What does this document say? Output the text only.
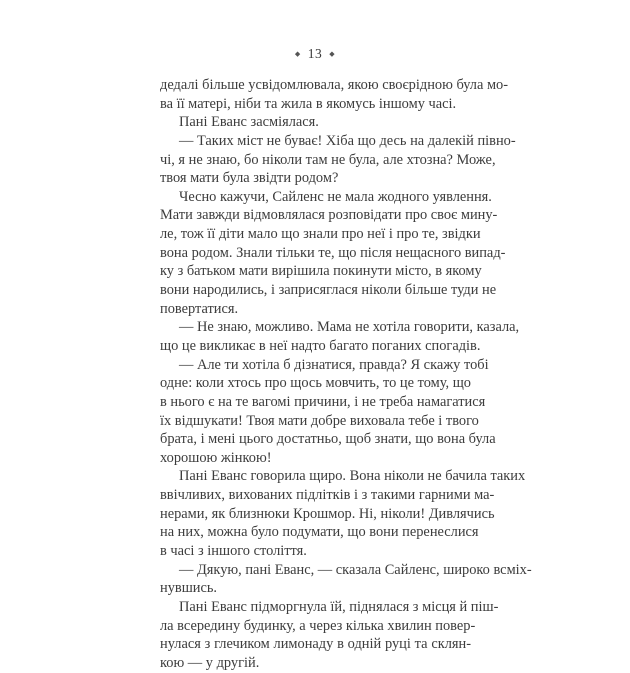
◆ 13 ◆
дедалі більше усвідомлювала, якою своєрідною була мо-
ва її матері, ніби та жила в якомусь іншому часі.
Пані Еванс засміялася.
— Таких міст не буває! Хіба що десь на далекій півно-
чі, я не знаю, бо ніколи там не була, але хтозна? Може,
твоя мати була звідти родом?
Чесно кажучи, Сайленс не мала жодного уявлення.
Мати завжди відмовлялася розповідати про своє мину-
ле, тож її діти мало що знали про неї і про те, звідки
вона родом. Знали тільки те, що після нещасного випад-
ку з батьком мати вирішила покинути місто, в якому
вони народились, і заприсяглася ніколи більше туди не
повертатися.
— Не знаю, можливо. Мама не хотіла говорити, казала,
що це викликає в неї надто багато поганих спогадів.
— Але ти хотіла б дізнатися, правда? Я скажу тобі
одне: коли хтось про щось мовчить, то це тому, що
в нього є на те вагомі причини, і не треба намагатися
їх відшукати! Твоя мати добре виховала тебе і твого
брата, і мені цього достатньо, щоб знати, що вона була
хорошою жінкою!
Пані Еванс говорила щиро. Вона ніколи не бачила таких
ввічливих, вихованих підлітків і з такими гарними ма-
нерами, як близнюки Крошмор. Ні, ніколи! Дивлячись
на них, можна було подумати, що вони перенеслися
в часі з іншого століття.
— Дякую, пані Еванс, — сказала Сайленс, широко всміх-
нувшись.
Пані Еванс підморгнула їй, піднялася з місця й піш-
ла всередину будинку, а через кілька хвилин повер-
нулася з глечиком лимонаду в одній руці та склян-
кою — у другій.
